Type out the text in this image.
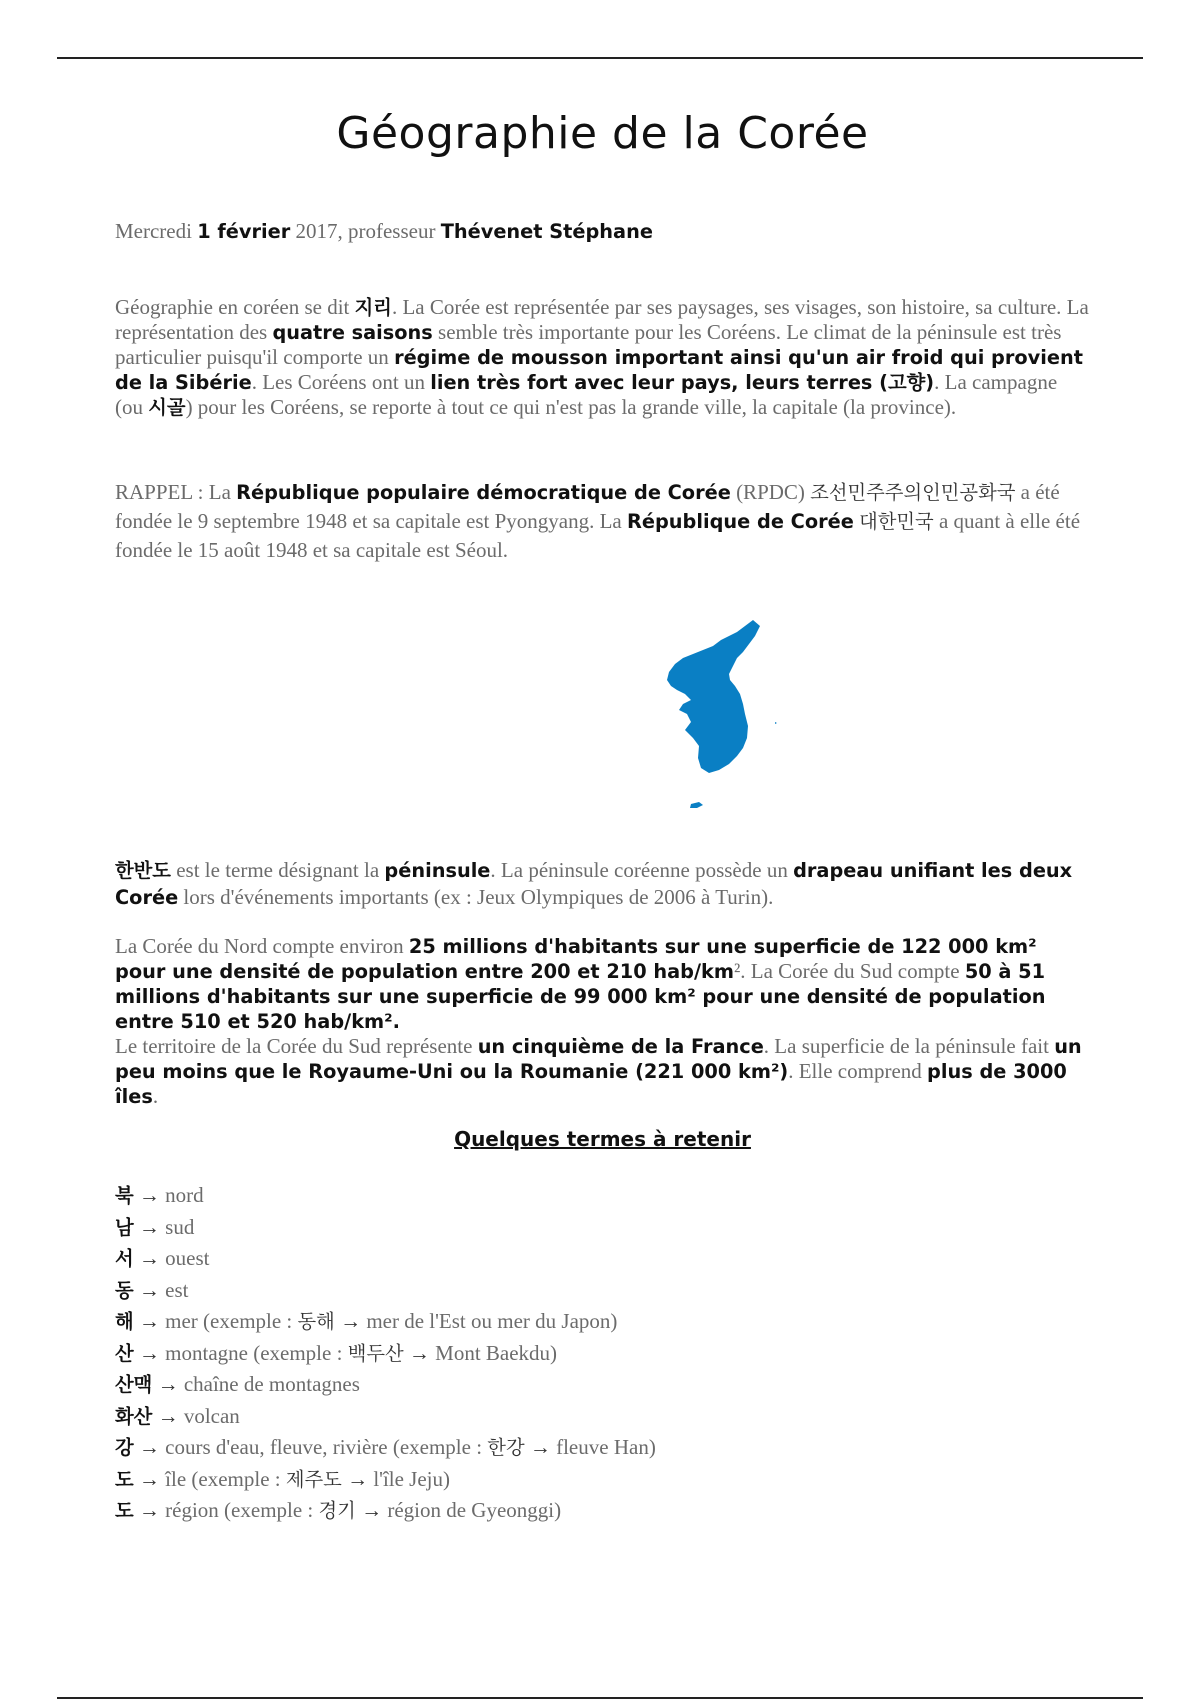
Géographie de la Corée
Mercredi 1 février 2017, professeur Thévenet Stéphane
Géographie en coréen se dit 지리. La Corée est représentée par ses paysages, ses visages, son histoire, sa culture. La représentation des quatre saisons semble très importante pour les Coréens. Le climat de la péninsule est très particulier puisqu'il comporte un régime de mousson important ainsi qu'un air froid qui provient de la Sibérie. Les Coréens ont un lien très fort avec leur pays, leurs terres (고향). La campagne (ou 시골) pour les Coréens, se reporte à tout ce qui n'est pas la grande ville, la capitale (la province).
RAPPEL : La République populaire démocratique de Corée (RPDC) 조선민주주의인민공화국 a été fondée le 9 septembre 1948 et sa capitale est Pyongyang. La République de Corée 대한민국 a quant à elle été fondée le 15 août 1948 et sa capitale est Séoul.
한반도 est le terme désignant la péninsule. La péninsule coréenne possède un drapeau unifiant les deux Corée lors d'événements importants (ex : Jeux Olympiques de 2006 à Turin).
La Corée du Nord compte environ 25 millions d'habitants sur une superficie de 122 000 km² pour une densité de population entre 200 et 210 hab/km². La Corée du Sud compte 50 à 51 millions d'habitants sur une superficie de 99 000 km² pour une densité de population entre 510 et 520 hab/km².
Le territoire de la Corée du Sud représente un cinquième de la France. La superficie de la péninsule fait un peu moins que le Royaume-Uni ou la Roumanie (221 000 km²). Elle comprend plus de 3000 îles.
Quelques termes à retenir
북 → nord
남 → sud
서 → ouest
동 → est
해 → mer (exemple : 동해 → mer de l'Est ou mer du Japon)
산 → montagne (exemple : 백두산 → Mont Baekdu)
산맥 → chaîne de montagnes
화산 → volcan
강 → cours d'eau, fleuve, rivière (exemple : 한강 → fleuve Han)
도 → île (exemple : 제주도 → l'île Jeju)
도 → région (exemple : 경기 → région de Gyeonggi)
